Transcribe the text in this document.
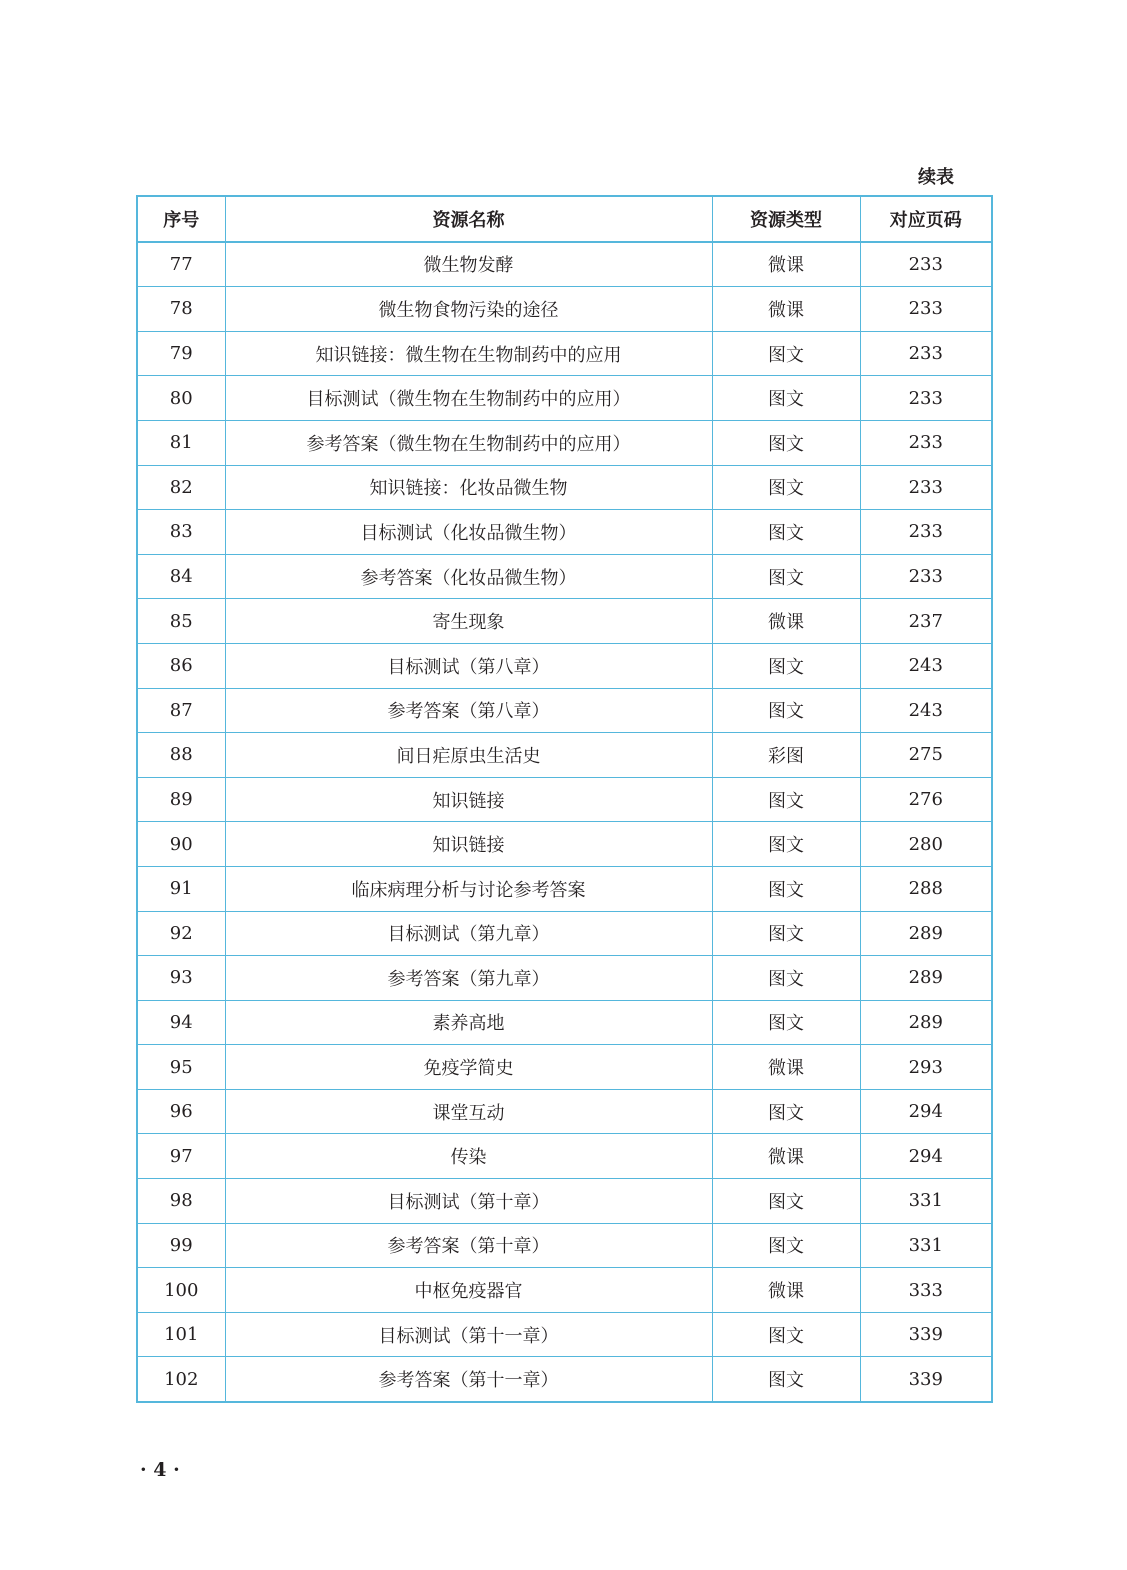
续表
序号	资源名称	资源类型	对应页码
77	微生物发酵	微课	233
78	微生物食物污染的途径	微课	233
79	知识链接：微生物在生物制药中的应用	图文	233
80	目标测试（微生物在生物制药中的应用）	图文	233
81	参考答案（微生物在生物制药中的应用）	图文	233
82	知识链接：化妆品微生物	图文	233
83	目标测试（化妆品微生物）	图文	233
84	参考答案（化妆品微生物）	图文	233
85	寄生现象	微课	237
86	目标测试（第八章）	图文	243
87	参考答案（第八章）	图文	243
88	间日疟原虫生活史	彩图	275
89	知识链接	图文	276
90	知识链接	图文	280
91	临床病理分析与讨论参考答案	图文	288
92	目标测试（第九章）	图文	289
93	参考答案（第九章）	图文	289
94	素养高地	图文	289
95	免疫学简史	微课	293
96	课堂互动	图文	294
97	传染	微课	294
98	目标测试（第十章）	图文	331
99	参考答案（第十章）	图文	331
100	中枢免疫器官	微课	333
101	目标测试（第十一章）	图文	339
102	参考答案（第十一章）	图文	339
· 4 ·
